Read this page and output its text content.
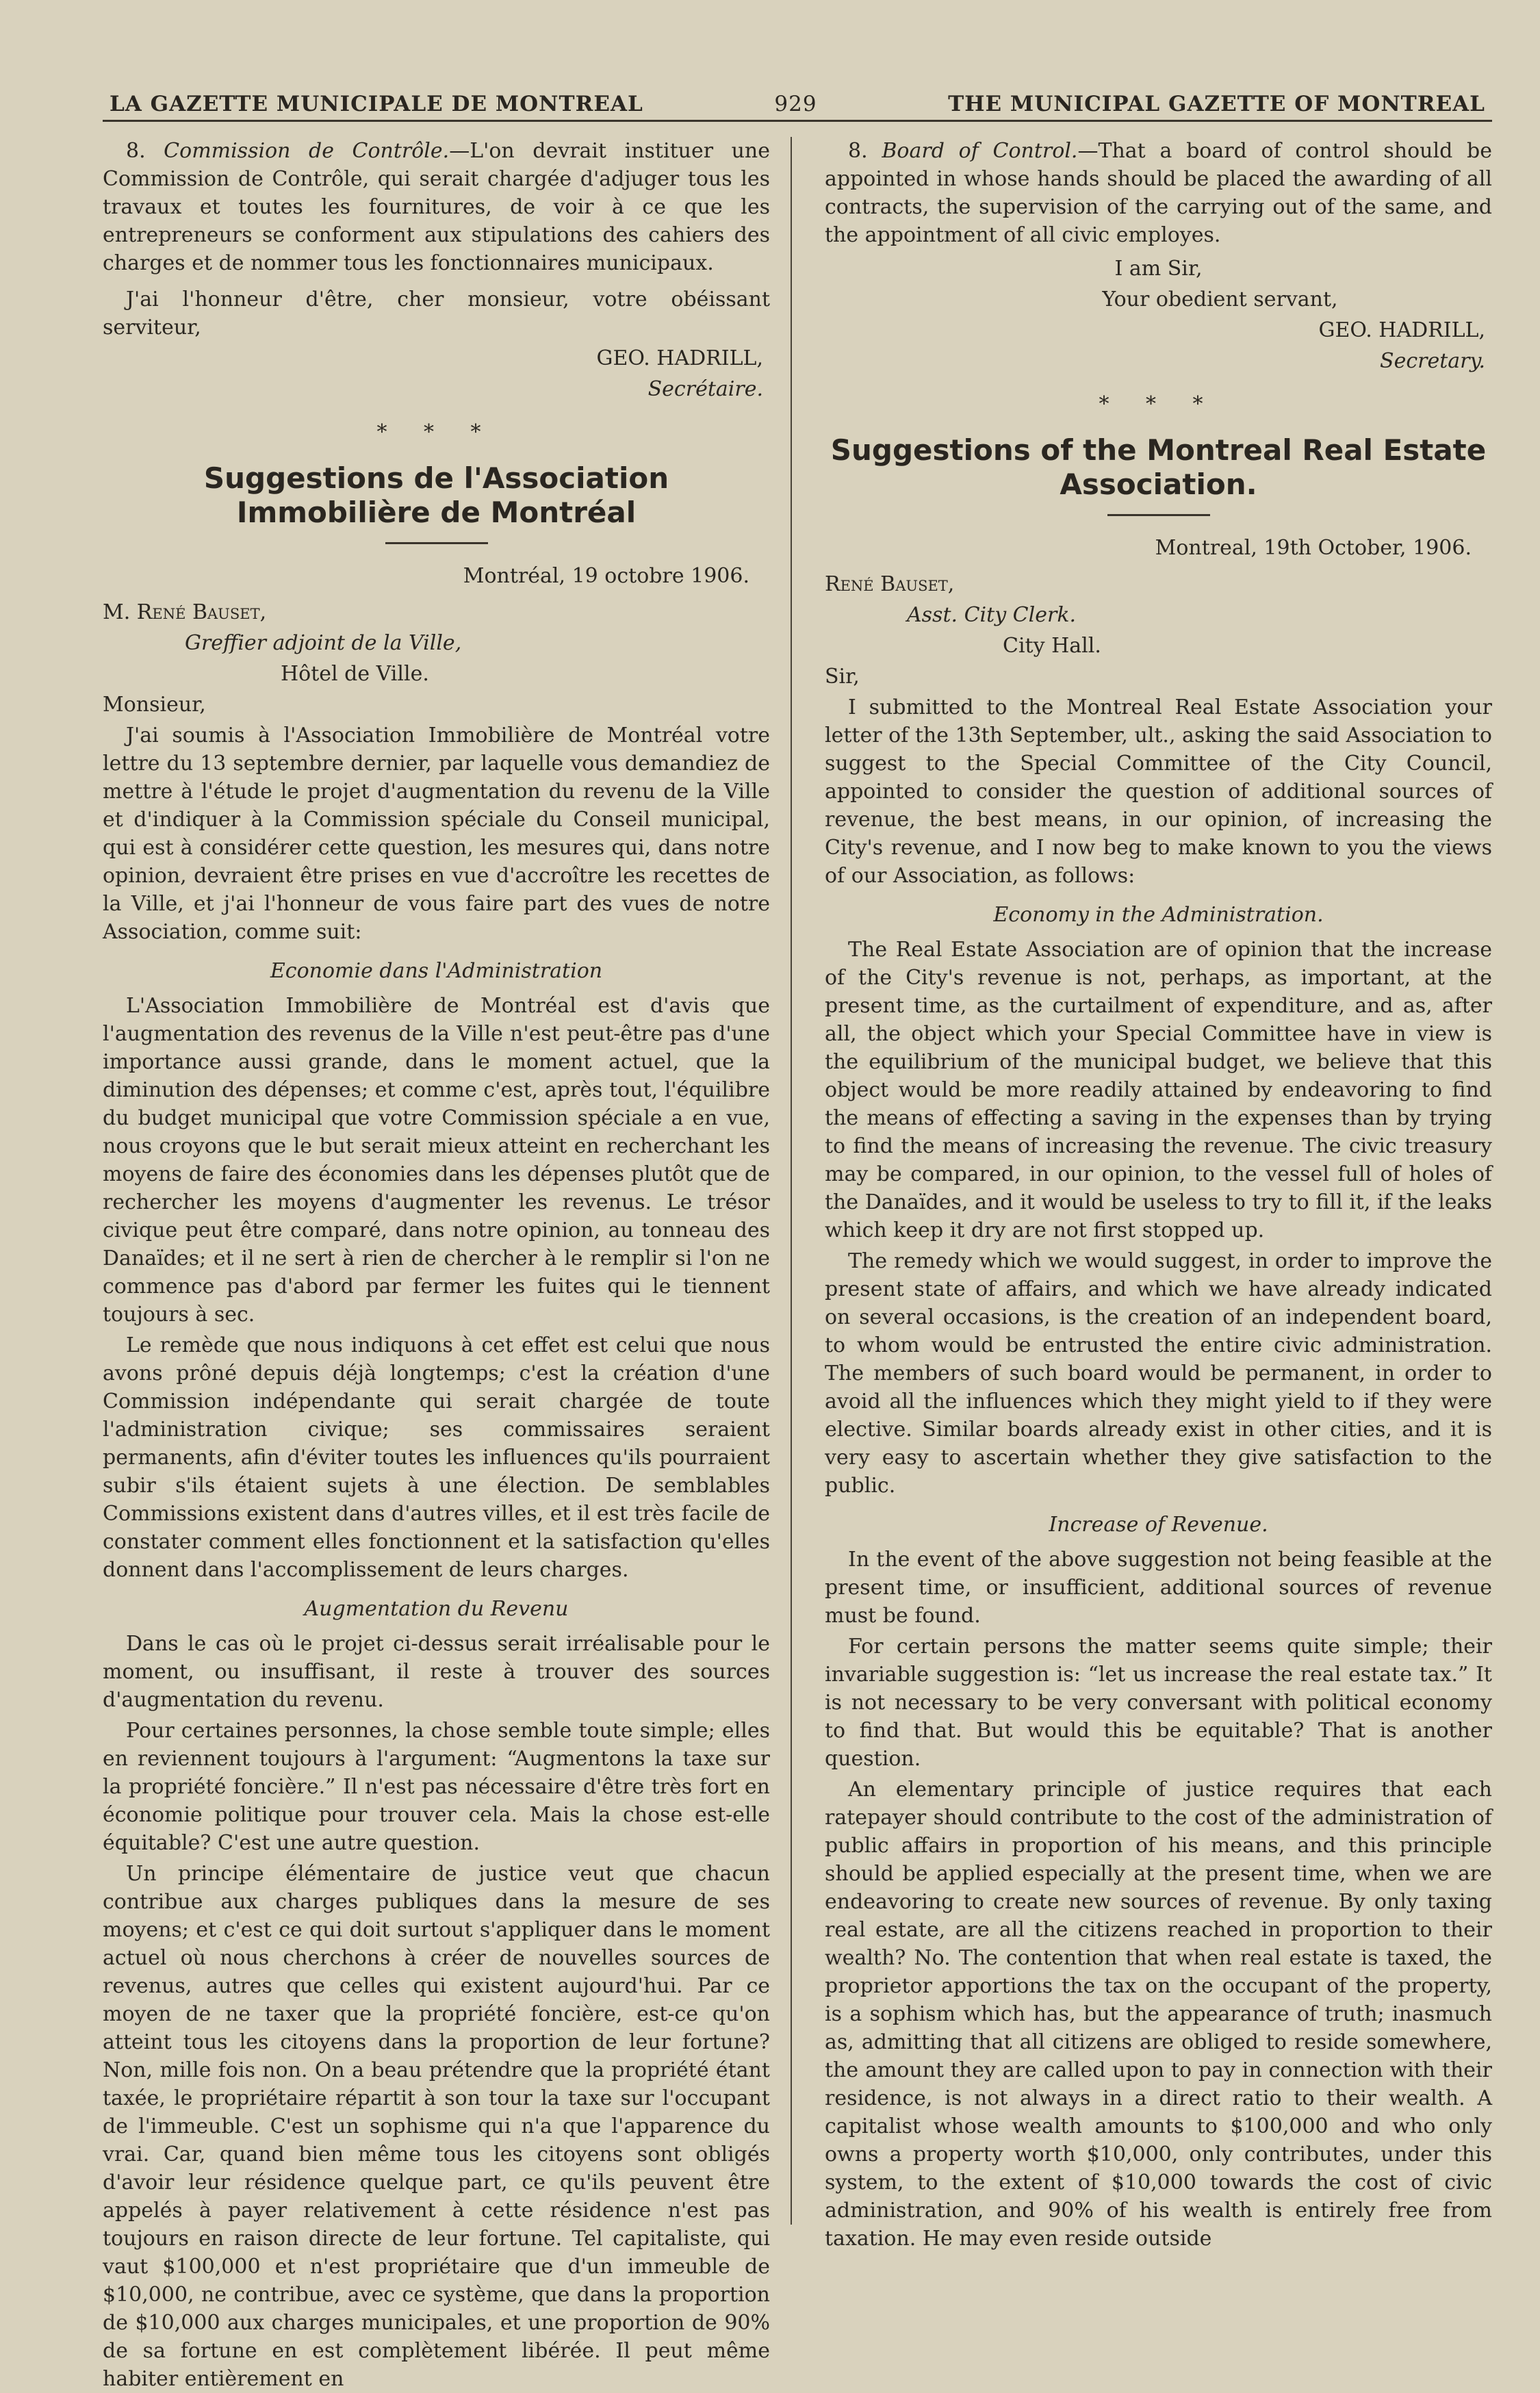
LA GAZETTE MUNICIPALE DE MONTREAL	929	THE MUNICIPAL GAZETTE OF MONTREAL

8. Commission de Contrôle.—L'on devrait instituer une Commission de Contrôle, qui serait chargée d'adjuger tous les travaux et toutes les fournitures, de voir à ce que les entrepreneurs se conforment aux stipulations des cahiers des charges et de nommer tous les fonctionnaires municipaux.

J'ai l'honneur d'être, cher monsieur, votre obéissant serviteur,

GEO. HADRILL,

Secrétaire.

* * *

Suggestions de l'Association Immobilière de Montréal

Montréal, 19 octobre 1906.

M. René Bauset,

Greffier adjoint de la Ville,

Hôtel de Ville.

Monsieur,

J'ai soumis à l'Association Immobilière de Montréal votre lettre du 13 septembre dernier, par laquelle vous demandiez de mettre à l'étude le projet d'augmentation du revenu de la Ville et d'indiquer à la Commission spéciale du Conseil municipal, qui est à considérer cette question, les mesures qui, dans notre opinion, devraient être prises en vue d'accroître les recettes de la Ville, et j'ai l'honneur de vous faire part des vues de notre Association, comme suit:

Economie dans l'Administration

L'Association Immobilière de Montréal est d'avis que l'augmentation des revenus de la Ville n'est peut-être pas d'une importance aussi grande, dans le moment actuel, que la diminution des dépenses; et comme c'est, après tout, l'équilibre du budget municipal que votre Commission spéciale a en vue, nous croyons que le but serait mieux atteint en recherchant les moyens de faire des économies dans les dépenses plutôt que de rechercher les moyens d'augmenter les revenus. Le trésor civique peut être comparé, dans notre opinion, au tonneau des Danaïdes; et il ne sert à rien de chercher à le remplir si l'on ne commence pas d'abord par fermer les fuites qui le tiennent toujours à sec.

Le remède que nous indiquons à cet effet est celui que nous avons prôné depuis déjà longtemps; c'est la création d'une Commission indépendante qui serait chargée de toute l'administration civique; ses commissaires seraient permanents, afin d'éviter toutes les influences qu'ils pourraient subir s'ils étaient sujets à une élection. De semblables Commissions existent dans d'autres villes, et il est très facile de constater comment elles fonctionnent et la satisfaction qu'elles donnent dans l'accomplissement de leurs charges.

Augmentation du Revenu

Dans le cas où le projet ci-dessus serait irréalisable pour le moment, ou insuffisant, il reste à trouver des sources d'augmentation du revenu.

Pour certaines personnes, la chose semble toute simple; elles en reviennent toujours à l'argument: “Augmentons la taxe sur la propriété foncière.” Il n'est pas nécessaire d'être très fort en économie politique pour trouver cela. Mais la chose est-elle équitable? C'est une autre question.

Un principe élémentaire de justice veut que chacun contribue aux charges publiques dans la mesure de ses moyens; et c'est ce qui doit surtout s'appliquer dans le moment actuel où nous cherchons à créer de nouvelles sources de revenus, autres que celles qui existent aujourd'hui. Par ce moyen de ne taxer que la propriété foncière, est-ce qu'on atteint tous les citoyens dans la proportion de leur fortune? Non, mille fois non. On a beau prétendre que la propriété étant taxée, le propriétaire répartit à son tour la taxe sur l'occupant de l'immeuble. C'est un sophisme qui n'a que l'apparence du vrai. Car, quand bien même tous les citoyens sont obligés d'avoir leur résidence quelque part, ce qu'ils peuvent être appelés à payer relativement à cette résidence n'est pas toujours en raison directe de leur fortune. Tel capitaliste, qui vaut $100,000 et n'est propriétaire que d'un immeuble de $10,000, ne contribue, avec ce système, que dans la proportion de $10,000 aux charges municipales, et une proportion de 90% de sa fortune en est complètement libérée. Il peut même habiter entièrement en

8. Board of Control.—That a board of control should be appointed in whose hands should be placed the awarding of all contracts, the supervision of the carrying out of the same, and the appointment of all civic employes.

I am Sir,

Your obedient servant,

GEO. HADRILL,

Secretary.

* * *

Suggestions of the Montreal Real Estate Association.

Montreal, 19th October, 1906.

René Bauset,

Asst. City Clerk.

City Hall.

Sir,

I submitted to the Montreal Real Estate Association your letter of the 13th September, ult., asking the said Association to suggest to the Special Committee of the City Council, appointed to consider the question of additional sources of revenue, the best means, in our opinion, of increasing the City's revenue, and I now beg to make known to you the views of our Association, as follows:

Economy in the Administration.

The Real Estate Association are of opinion that the increase of the City's revenue is not, perhaps, as important, at the present time, as the curtailment of expenditure, and as, after all, the object which your Special Committee have in view is the equilibrium of the municipal budget, we believe that this object would be more readily attained by endeavoring to find the means of effecting a saving in the expenses than by trying to find the means of increasing the revenue. The civic treasury may be compared, in our opinion, to the vessel full of holes of the Danaïdes, and it would be useless to try to fill it, if the leaks which keep it dry are not first stopped up.

The remedy which we would suggest, in order to improve the present state of affairs, and which we have already indicated on several occasions, is the creation of an independent board, to whom would be entrusted the entire civic administration. The members of such board would be permanent, in order to avoid all the influences which they might yield to if they were elective. Similar boards already exist in other cities, and it is very easy to ascertain whether they give satisfaction to the public.

Increase of Revenue.

In the event of the above suggestion not being feasible at the present time, or insufficient, additional sources of revenue must be found.

For certain persons the matter seems quite simple; their invariable suggestion is: “let us increase the real estate tax.” It is not necessary to be very conversant with political economy to find that. But would this be equitable? That is another question.

An elementary principle of justice requires that each ratepayer should contribute to the cost of the administration of public affairs in proportion of his means, and this principle should be applied especially at the present time, when we are endeavoring to create new sources of revenue. By only taxing real estate, are all the citizens reached in proportion to their wealth? No. The contention that when real estate is taxed, the proprietor apportions the tax on the occupant of the property, is a sophism which has, but the appearance of truth; inasmuch as, admitting that all citizens are obliged to reside somewhere, the amount they are called upon to pay in connection with their residence, is not always in a direct ratio to their wealth. A capitalist whose wealth amounts to $100,000 and who only owns a property worth $10,000, only contributes, under this system, to the extent of $10,000 towards the cost of civic administration, and 90% of his wealth is entirely free from taxation. He may even reside outside
